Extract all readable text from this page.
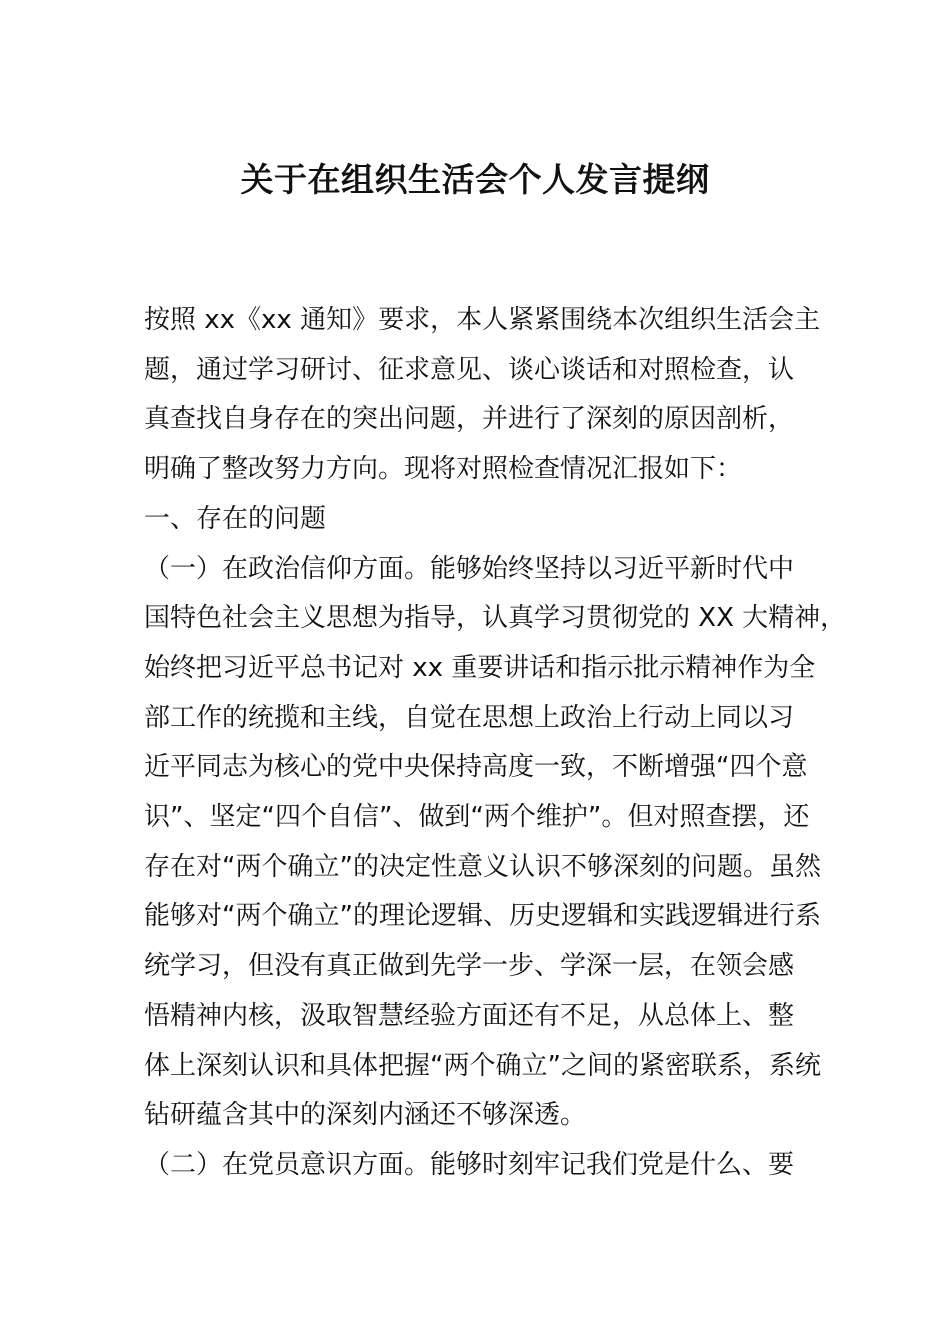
关于在组织生活会个人发言提纲

按照 xx《xx 通知》要求，本人紧紧围绕本次组织生活会主

题，通过学习研讨、征求意见、谈心谈话和对照检查，认

真查找自身存在的突出问题，并进行了深刻的原因剖析，

明确了整改努力方向。现将对照检查情况汇报如下：

一、存在的问题

（一）在政治信仰方面。能够始终坚持以习近平新时代中

国特色社会主义思想为指导，认真学习贯彻党的 XX 大精神，

始终把习近平总书记对 xx 重要讲话和指示批示精神作为全

部工作的统揽和主线，自觉在思想上政治上行动上同以习

近平同志为核心的党中央保持高度一致，不断增强“四个意

识”、坚定“四个自信”、做到“两个维护”。但对照查摆，还

存在对“两个确立”的决定性意义认识不够深刻的问题。虽然

能够对“两个确立”的理论逻辑、历史逻辑和实践逻辑进行系

统学习，但没有真正做到先学一步、学深一层，在领会感

悟精神内核，汲取智慧经验方面还有不足，从总体上、整

体上深刻认识和具体把握“两个确立”之间的紧密联系，系统

钻研蕴含其中的深刻内涵还不够深透。

（二）在党员意识方面。能够时刻牢记我们党是什么、要
